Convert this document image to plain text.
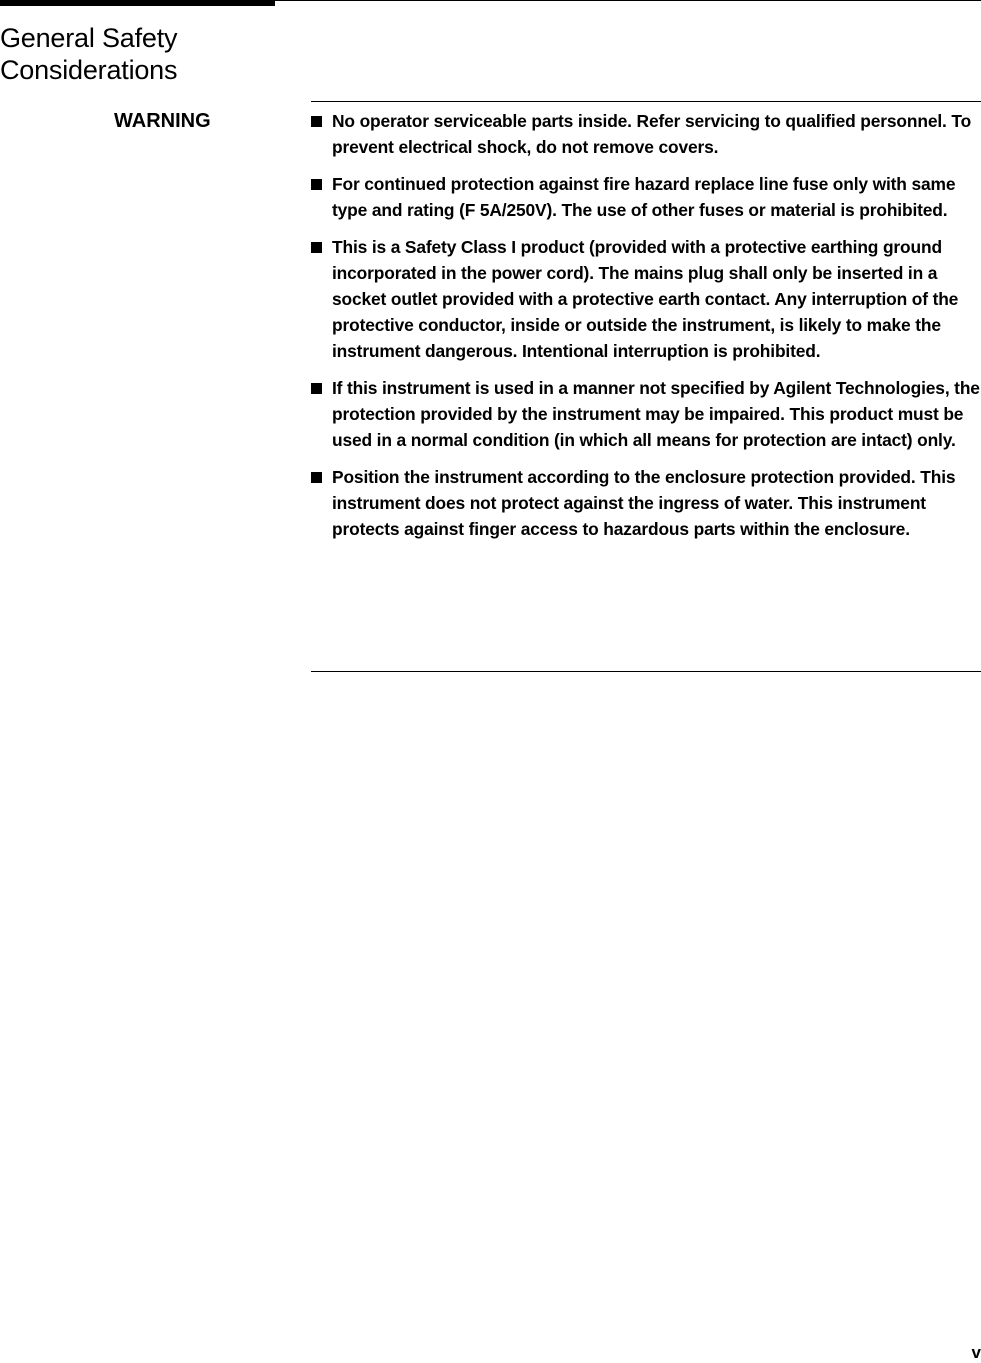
General Safety
Considerations
WARNING	No operator serviceable parts inside. Refer servicing to qualified personnel. To prevent electrical shock, do not remove covers.
For continued protection against fire hazard replace line fuse only with same type and rating (F 5A/250V). The use of other fuses or material is prohibited.
This is a Safety Class I product (provided with a protective earthing ground incorporated in the power cord). The mains plug shall only be inserted in a socket outlet provided with a protective earth contact. Any interruption of the protective conductor, inside or outside the instrument, is likely to make the instrument dangerous. Intentional interruption is prohibited.
If this instrument is used in a manner not specified by Agilent Technologies, the protection provided by the instrument may be impaired. This product must be used in a normal condition (in which all means for protection are intact) only.
Position the instrument according to the enclosure protection provided. This instrument does not protect against the ingress of water. This instrument protects against finger access to hazardous parts within the enclosure.
v
